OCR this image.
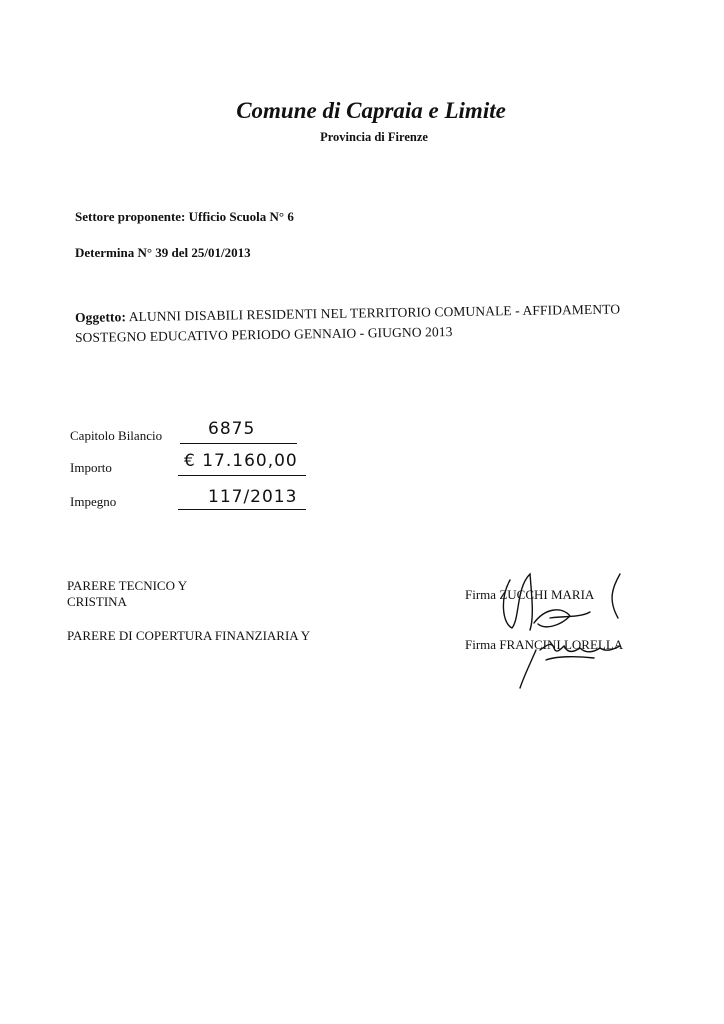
Comune di Capraia e Limite
Provincia di Firenze
Settore proponente: Ufficio Scuola N° 6
Determina N° 39 del 25/01/2013
Oggetto: ALUNNI DISABILI RESIDENTI NEL TERRITORIO COMUNALE - AFFIDAMENTO
SOSTEGNO EDUCATIVO PERIODO GENNAIO - GIUGNO 2013
Capitolo Bilancio	6875
Importo	€ 17.160,00
Impegno	117/2013
PARERE TECNICO Y
CRISTINA
PARERE DI COPERTURA FINANZIARIA Y
Firma ZUCCHI MARIA
Firma FRANCINI LORELLA
